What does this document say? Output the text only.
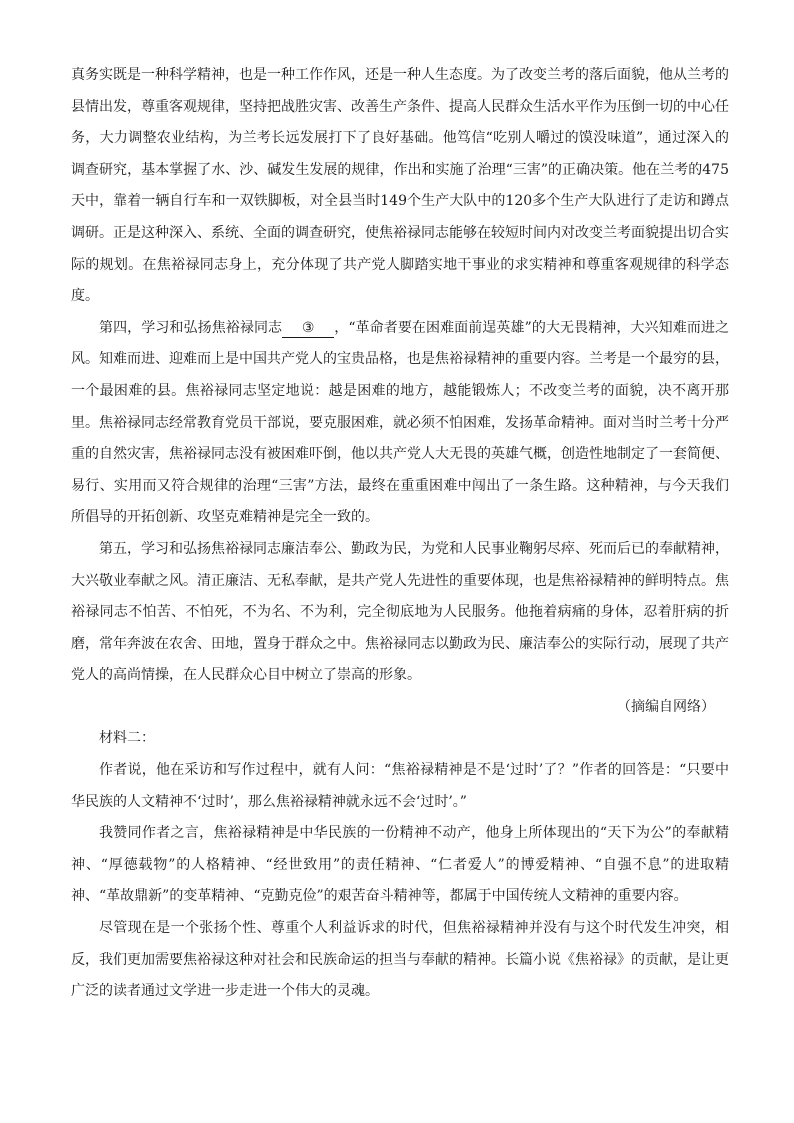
真务实既是一种科学精神，也是一种工作作风，还是一种人生态度。为了改变兰考的落后面貌，他从兰考的县情出发，尊重客观规律，坚持把战胜灾害、改善生产条件、提高人民群众生活水平作为压倒一切的中心任务，大力调整农业结构，为兰考长远发展打下了良好基础。他笃信“吃别人嚼过的馍没味道”，通过深入的调查研究，基本掌握了水、沙、碱发生发展的规律，作出和实施了治理“三害”的正确决策。他在兰考的475天中，靠着一辆自行车和一双铁脚板，对全县当时149个生产大队中的120多个生产大队进行了走访和蹲点调研。正是这种深入、系统、全面的调查研究，使焦裕禄同志能够在较短时间内对改变兰考面貌提出切合实际的规划。在焦裕禄同志身上，充分体现了共产党人脚踏实地干事业的求实精神和尊重客观规律的科学态度。

第四，学习和弘扬焦裕禄同志 ③ ，“革命者要在困难面前逞英雄”的大无畏精神，大兴知难而进之风。知难而进、迎难而上是中国共产党人的宝贵品格，也是焦裕禄精神的重要内容。兰考是一个最穷的县，一个最困难的县。焦裕禄同志坚定地说：越是困难的地方，越能锻炼人；不改变兰考的面貌，决不离开那里。焦裕禄同志经常教育党员干部说，要克服困难，就必须不怕困难，发扬革命精神。面对当时兰考十分严重的自然灾害，焦裕禄同志没有被困难吓倒，他以共产党人大无畏的英雄气概，创造性地制定了一套简便、易行、实用而又符合规律的治理“三害”方法，最终在重重困难中闯出了一条生路。这种精神，与今天我们所倡导的开拓创新、攻坚克难精神是完全一致的。

第五，学习和弘扬焦裕禄同志廉洁奉公、勤政为民，为党和人民事业鞠躬尽瘁、死而后已的奉献精神，大兴敬业奉献之风。清正廉洁、无私奉献，是共产党人先进性的重要体现，也是焦裕禄精神的鲜明特点。焦裕禄同志不怕苦、不怕死，不为名、不为利，完全彻底地为人民服务。他拖着病痛的身体，忍着肝病的折磨，常年奔波在农舍、田地，置身于群众之中。焦裕禄同志以勤政为民、廉洁奉公的实际行动，展现了共产党人的高尚情操，在人民群众心目中树立了崇高的形象。

（摘编自网络）

材料二：

作者说，他在采访和写作过程中，就有人问：“焦裕禄精神是不是‘过时’了？”作者的回答是：“只要中华民族的人文精神不‘过时’，那么焦裕禄精神就永远不会‘过时’。”

我赞同作者之言，焦裕禄精神是中华民族的一份精神不动产，他身上所体现出的“天下为公”的奉献精神、“厚德载物”的人格精神、“经世致用”的责任精神、“仁者爱人”的博爱精神、“自强不息”的进取精神、“革故鼎新”的变革精神、“克勤克俭”的艰苦奋斗精神等，都属于中国传统人文精神的重要内容。

尽管现在是一个张扬个性、尊重个人利益诉求的时代，但焦裕禄精神并没有与这个时代发生冲突，相反，我们更加需要焦裕禄这种对社会和民族命运的担当与奉献的精神。长篇小说《焦裕禄》的贡献，是让更广泛的读者通过文学进一步走进一个伟大的灵魂。
